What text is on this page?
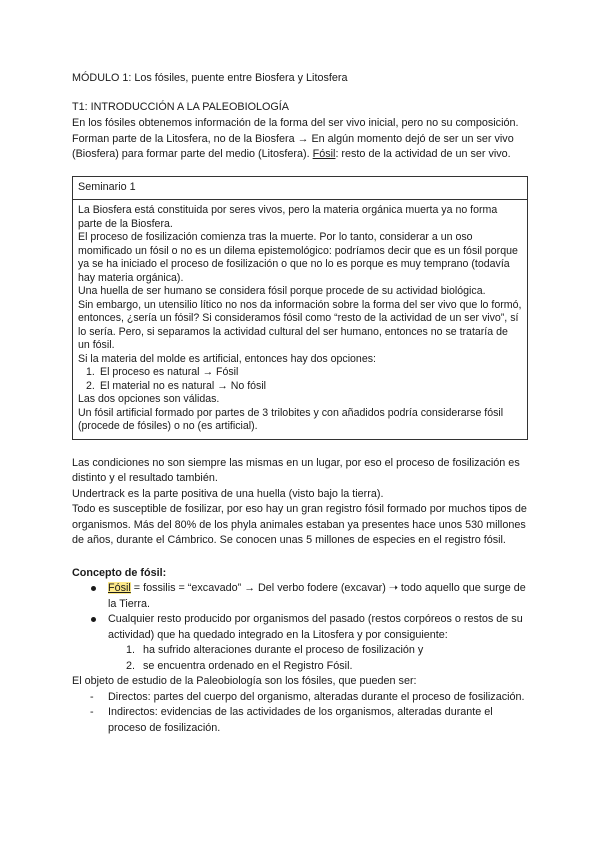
MÓDULO 1: Los fósiles, puente entre Biosfera y Litosfera

T1: INTRODUCCIÓN A LA PALEOBIOLOGÍA

En los fósiles obtenemos información de la forma del ser vivo inicial, pero no su composición. Forman parte de la Litosfera, no de la Biosfera → En algún momento dejó de ser un ser vivo (Biosfera) para formar parte del medio (Litosfera). Fósil: resto de la actividad de un ser vivo.

Seminario 1

La Biosfera está constituida por seres vivos, pero la materia orgánica muerta ya no forma parte de la Biosfera.

El proceso de fosilización comienza tras la muerte. Por lo tanto, considerar a un oso momificado un fósil o no es un dilema epistemológico: podríamos decir que es un fósil porque ya se ha iniciado el proceso de fosilización o que no lo es porque es muy temprano (todavía hay materia orgánica).

Una huella de ser humano se considera fósil porque procede de su actividad biológica.

Sin embargo, un utensilio lítico no nos da información sobre la forma del ser vivo que lo formó, entonces, ¿sería un fósil? Si consideramos fósil como “resto de la actividad de un ser vivo”, sí lo sería. Pero, si separamos la actividad cultural del ser humano, entonces no se trataría de un fósil.

Si la materia del molde es artificial, entonces hay dos opciones:

1. El proceso es natural → Fósil
2. El material no es natural → No fósil

Las dos opciones son válidas.

Un fósil artificial formado por partes de 3 trilobites y con añadidos podría considerarse fósil (procede de fósiles) o no (es artificial).

Las condiciones no son siempre las mismas en un lugar, por eso el proceso de fosilización es distinto y el resultado también.

Undertrack es la parte positiva de una huella (visto bajo la tierra).

Todo es susceptible de fosilizar, por eso hay un gran registro fósil formado por muchos tipos de organismos. Más del 80% de los phyla animales estaban ya presentes hace unos 530 millones de años, durante el Cámbrico. Se conocen unas 5 millones de especies en el registro fósil.

Concepto de fósil:

Fósil = fossilis = “excavado” → Del verbo fodere (excavar) ➝ todo aquello que surge de la Tierra.
Cualquier resto producido por organismos del pasado (restos corpóreos o restos de su actividad) que ha quedado integrado en la Litosfera y por consiguiente:
1. ha sufrido alteraciones durante el proceso de fosilización y
2. se encuentra ordenado en el Registro Fósil.

El objeto de estudio de la Paleobiología son los fósiles, que pueden ser:

- Directos: partes del cuerpo del organismo, alteradas durante el proceso de fosilización.
- Indirectos: evidencias de las actividades de los organismos, alteradas durante el proceso de fosilización.
